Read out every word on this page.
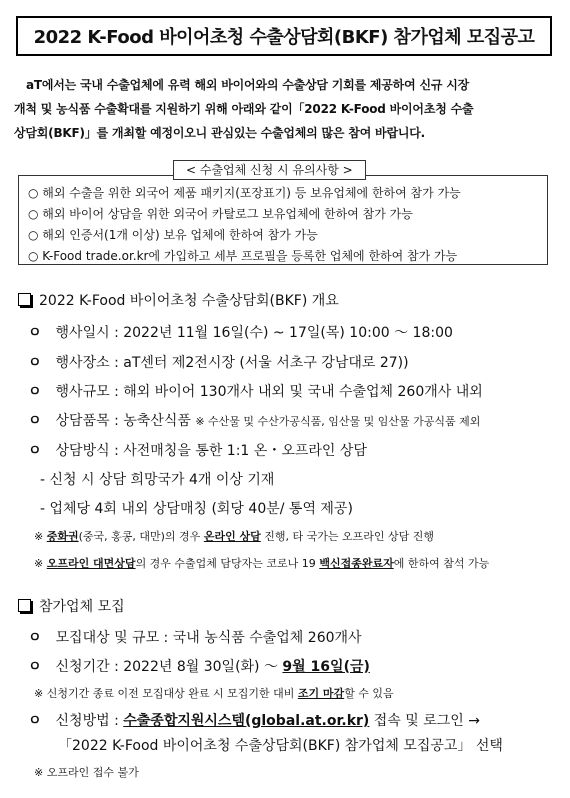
2022 K-Food 바이어초청 수출상담회(BKF) 참가업체 모집공고
aT에서는 국내 수출업체에 유력 해외 바이어와의 수출상담 기회를 제공하여 신규 시장
개척 및 농식품 수출확대를 지원하기 위해 아래와 같이「2022 K-Food 바이어초청 수출
상담회(BKF)」를 개최할 예정이오니 관심있는 수출업체의 많은 참여 바랍니다.
< 수출업체 신청 시 유의사항 >
○ 해외 수출을 위한 외국어 제품 패키지(포장표기) 등 보유업체에 한하여 참가 가능
○ 해외 바이어 상담을 위한 외국어 카탈로그 보유업체에 한하여 참가 가능
○ 해외 인증서(1개 이상) 보유 업체에 한하여 참가 가능
○ K-Food trade.or.kr에 가입하고 세부 프로필을 등록한 업체에 한하여 참가 가능
2022 K-Food 바이어초청 수출상담회(BKF) 개요
ㅇ 행사일시 : 2022년 11월 16일(수) ~ 17일(목) 10:00 ～ 18:00
ㅇ 행사장소 : aT센터 제2전시장 (서울 서초구 강남대로 27))
ㅇ 행사규모 : 해외 바이어 130개사 내외 및 국내 수출업체 260개사 내외
ㅇ 상담품목 : 농축산식품 ※ 수산물 및 수산가공식품, 임산물 및 임산물 가공식품 제외
ㅇ 상담방식 : 사전매칭을 통한 1:1 온・오프라인 상담
- 신청 시 상담 희망국가 4개 이상 기재
- 업체당 4회 내외 상담매칭 (회당 40분/ 통역 제공)
※ 중화권(중국, 홍콩, 대만)의 경우 온라인 상담 진행, 타 국가는 오프라인 상담 진행
※ 오프라인 대면상담의 경우 수출업체 담당자는 코로나 19 백신접종완료자에 한하여 참석 가능
참가업체 모집
ㅇ 모집대상 및 규모 : 국내 농식품 수출업체 260개사
ㅇ 신청기간 : 2022년 8월 30일(화) ～ 9월 16일(금)
※ 신청기간 종료 이전 모집대상 완료 시 모집기한 대비 조기 마감할 수 있음
ㅇ 신청방법 : 수출종합지원시스템(global.at.or.kr) 접속 및 로그인 →
「2022 K-Food 바이어초청 수출상담회(BKF) 참가업체 모집공고」 선택
※ 오프라인 접수 불가
